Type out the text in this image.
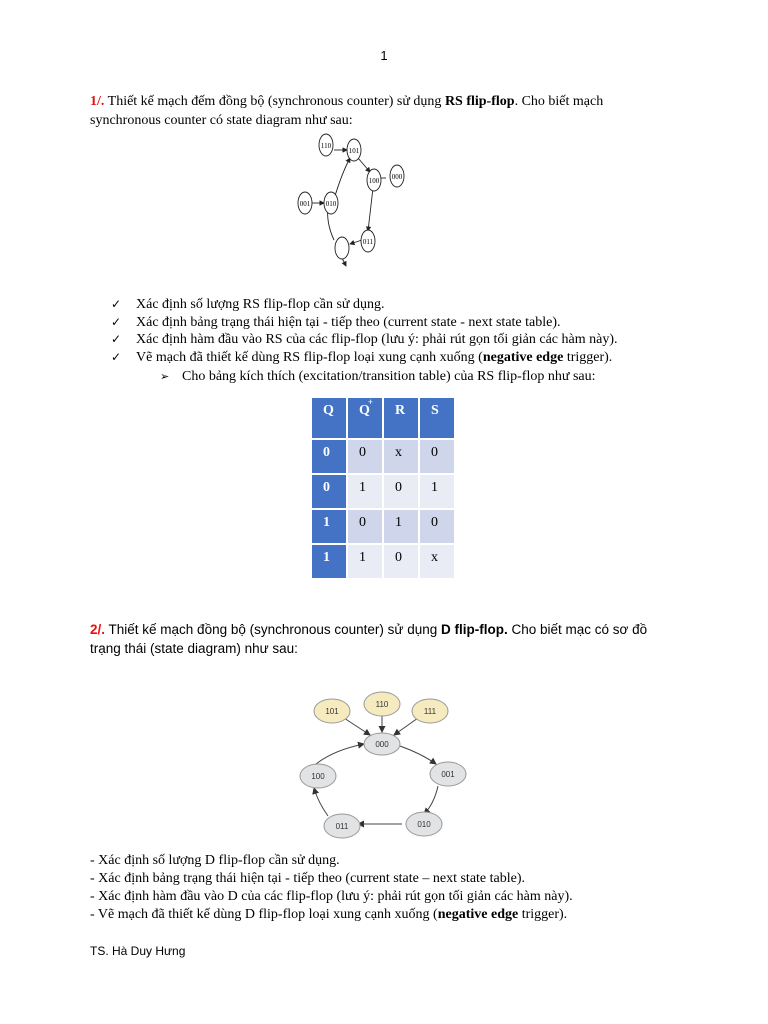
1
1/. Thiết kế mạch đếm đồng bộ (synchronous counter) sử dụng RS flip-flop. Cho biết mạch
synchronous counter có state diagram như sau:
110
101
100 000
001 010
011
✓ Xác định số lượng RS flip-flop cần sử dụng.
✓ Xác định bảng trạng thái hiện tại - tiếp theo (current state - next state table).
✓ Xác định hàm đầu vào RS của các flip-flop (lưu ý: phải rút gọn tối giản các hàm này).
✓ Vẽ mạch đã thiết kế dùng RS flip-flop loại xung cạnh xuống (negative edge trigger).
➢ Cho bảng kích thích (excitation/transition table) của RS flip-flop như sau:
Q	Q+	R	S
0	0	x	0
0	1	0	1
1	0	1	0
1	1	0	x
2/. Thiết kế mạch đồng bộ (synchronous counter) sử dụng D flip-flop. Cho biết mạc có sơ đồ
trạng thái (state diagram) như sau:
101
110
111
000
001
010
011
100
- Xác định số lượng D flip-flop cần sử dụng.
- Xác định bảng trạng thái hiện tại - tiếp theo (current state – next state table).
- Xác định hàm đầu vào D của các flip-flop (lưu ý: phải rút gọn tối giản các hàm này).
- Vẽ mạch đã thiết kế dùng D flip-flop loại xung cạnh xuống (negative edge trigger).
TS. Hà Duy Hưng
